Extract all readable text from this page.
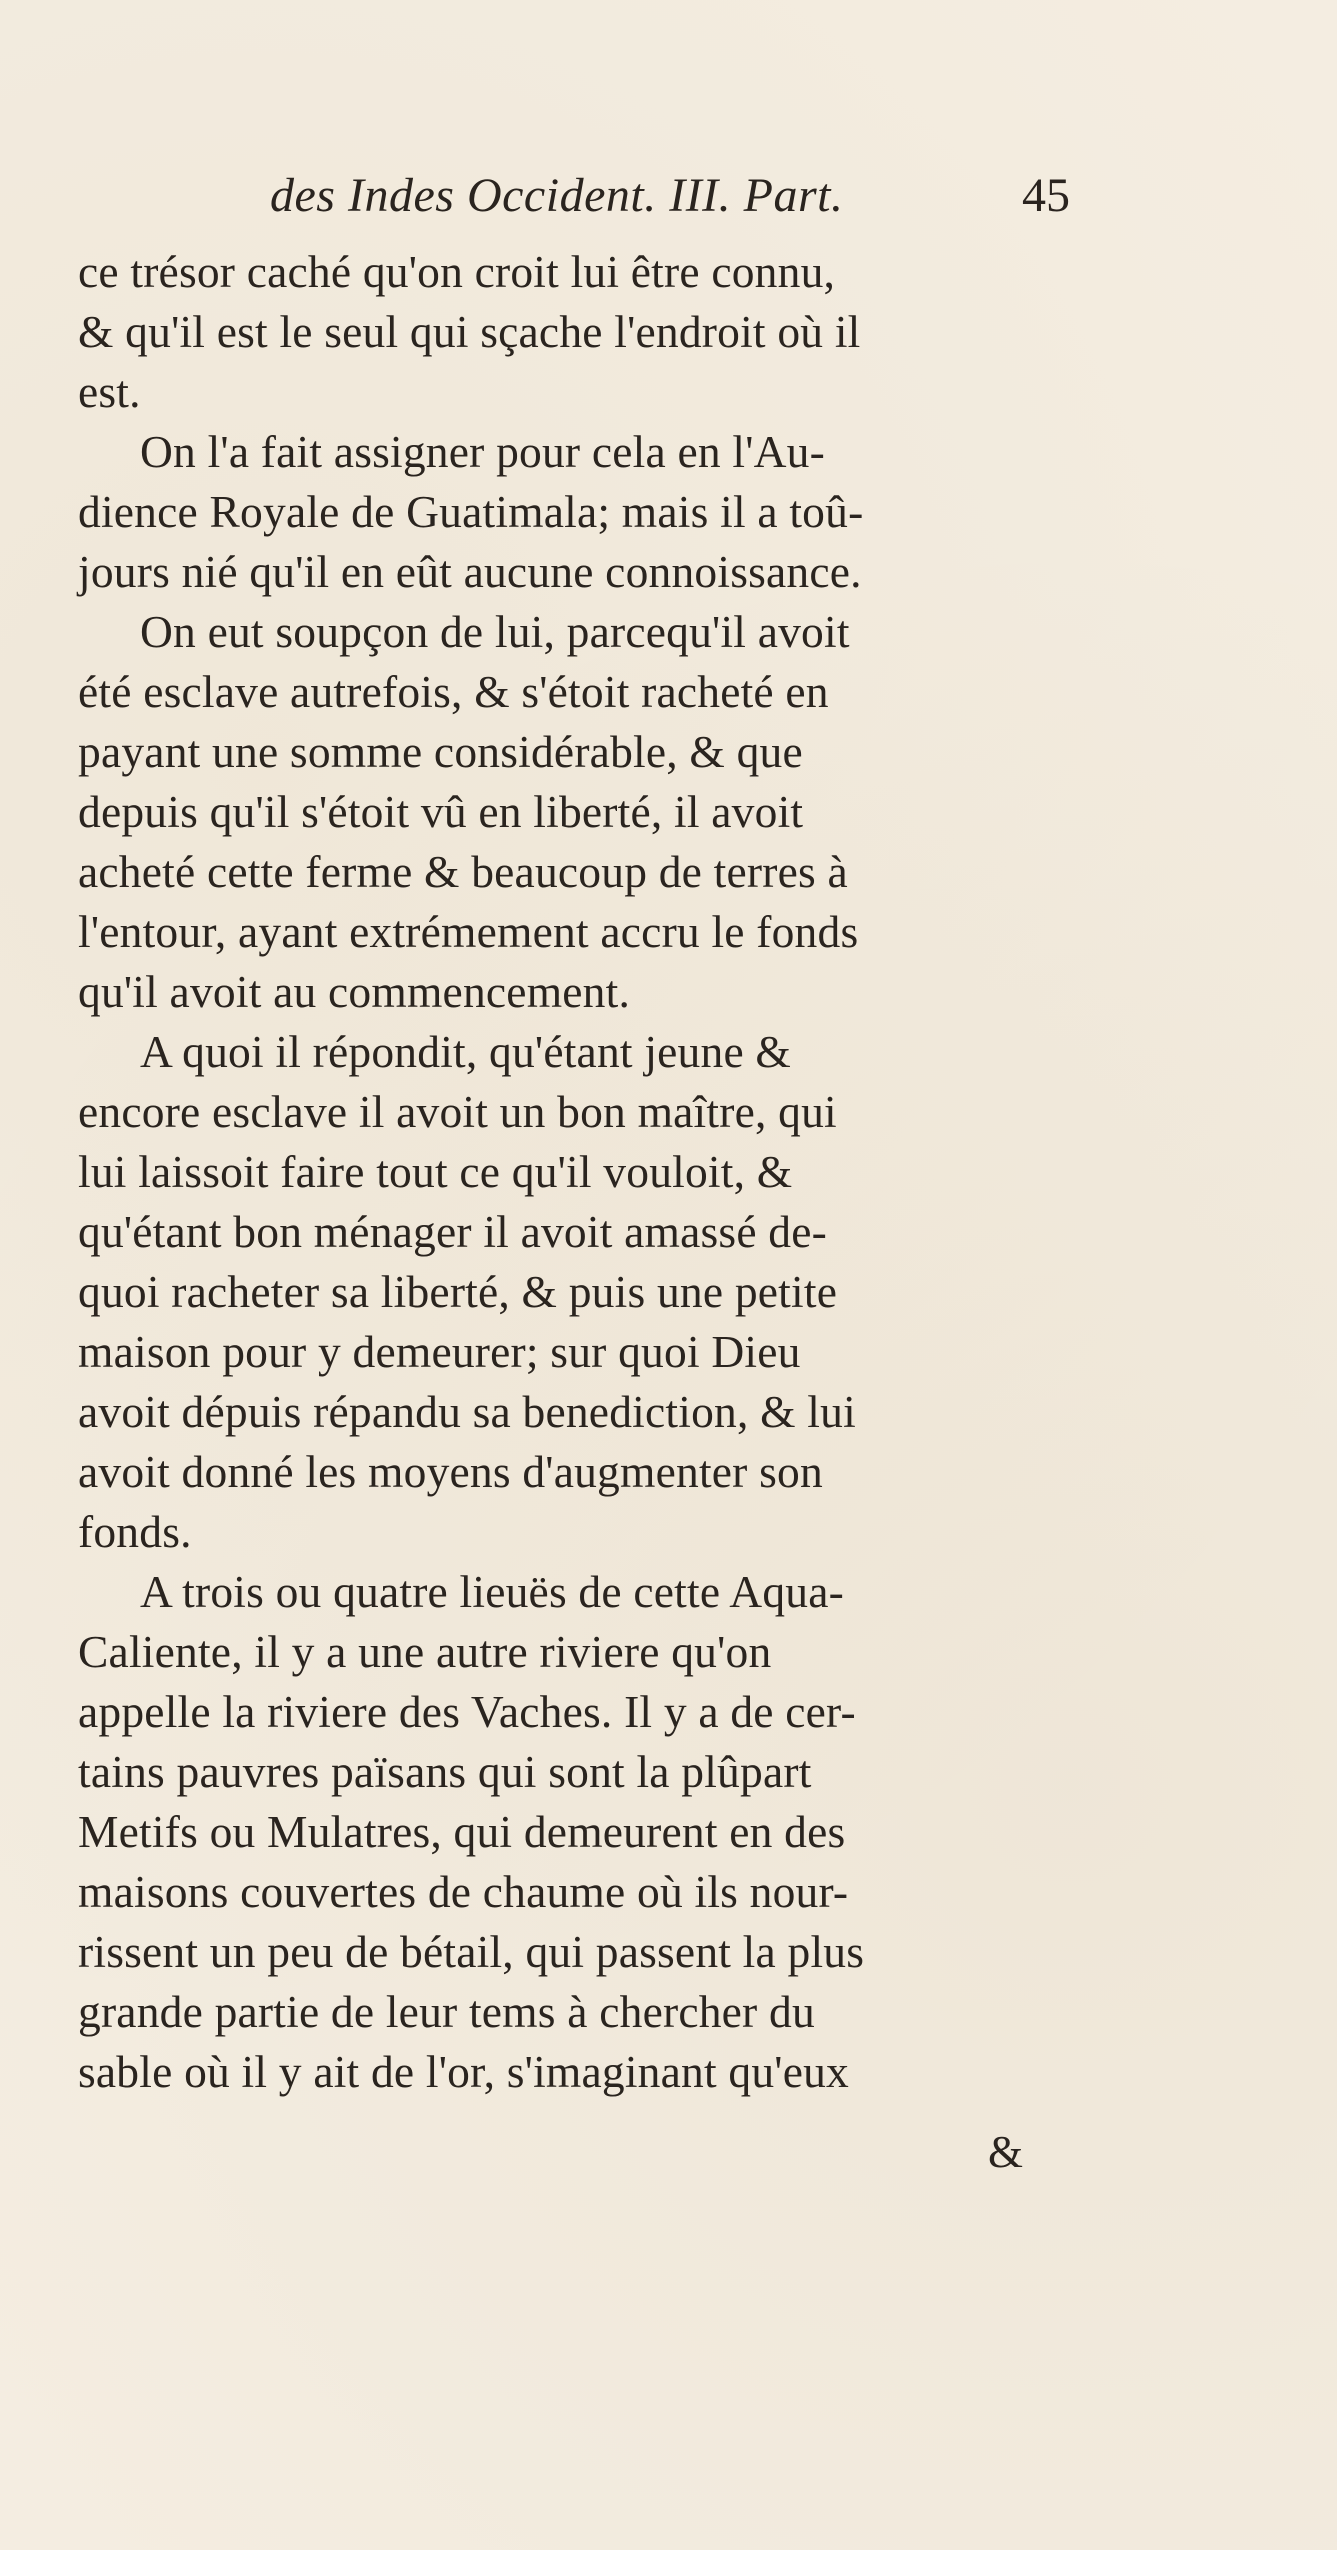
des Indes Occident. III. Part.	45
ce trésor caché qu'on croit lui être connu,
& qu'il est le seul qui sçache l'endroit où il
est.
On l'a fait assigner pour cela en l'Au-
dience Royale de Guatimala; mais il a toû-
jours nié qu'il en eût aucune connoissance.
On eut soupçon de lui, parcequ'il avoit
été esclave autrefois, & s'étoit racheté en
payant une somme considérable, & que
depuis qu'il s'étoit vû en liberté, il avoit
acheté cette ferme & beaucoup de terres à
l'entour, ayant extrémement accru le fonds
qu'il avoit au commencement.
A quoi il répondit, qu'étant jeune &
encore esclave il avoit un bon maître, qui
lui laissoit faire tout ce qu'il vouloit, &
qu'étant bon ménager il avoit amassé de-
quoi racheter sa liberté, & puis une petite
maison pour y demeurer; sur quoi Dieu
avoit dépuis répandu sa benediction, & lui
avoit donné les moyens d'augmenter son
fonds.
A trois ou quatre lieuës de cette Aqua-
Caliente, il y a une autre riviere qu'on
appelle la riviere des Vaches. Il y a de cer-
tains pauvres païsans qui sont la plûpart
Metifs ou Mulatres, qui demeurent en des
maisons couvertes de chaume où ils nour-
rissent un peu de bétail, qui passent la plus
grande partie de leur tems à chercher du
sable où il y ait de l'or, s'imaginant qu'eux
&
